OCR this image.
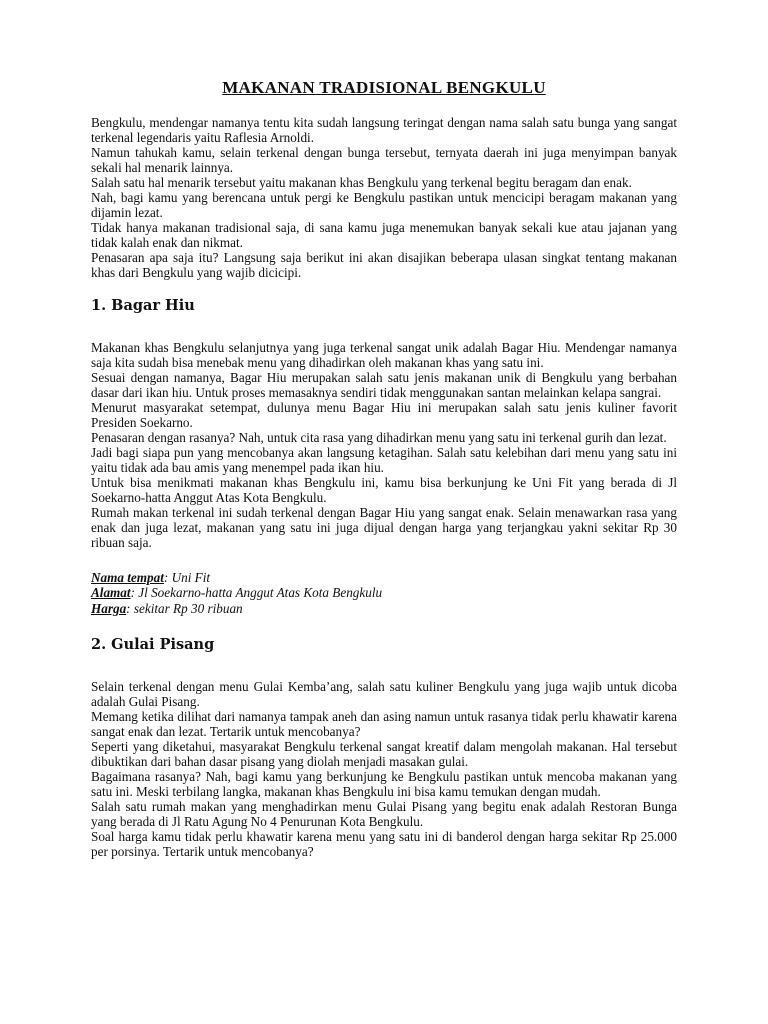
MAKANAN TRADISIONAL BENGKULU

Bengkulu, mendengar namanya tentu kita sudah langsung teringat dengan nama salah satu bunga yang sangat terkenal legendaris yaitu Raflesia Arnoldi.

Namun tahukah kamu, selain terkenal dengan bunga tersebut, ternyata daerah ini juga menyimpan banyak sekali hal menarik lainnya.

Salah satu hal menarik tersebut yaitu makanan khas Bengkulu yang terkenal begitu beragam dan enak.

Nah, bagi kamu yang berencana untuk pergi ke Bengkulu pastikan untuk mencicipi beragam makanan yang dijamin lezat.

Tidak hanya makanan tradisional saja, di sana kamu juga menemukan banyak sekali kue atau jajanan yang tidak kalah enak dan nikmat.

Penasaran apa saja itu? Langsung saja berikut ini akan disajikan beberapa ulasan singkat tentang makanan khas dari Bengkulu yang wajib dicicipi.

1. Bagar Hiu

Makanan khas Bengkulu selanjutnya yang juga terkenal sangat unik adalah Bagar Hiu. Mendengar namanya saja kita sudah bisa menebak menu yang dihadirkan oleh makanan khas yang satu ini.

Sesuai dengan namanya, Bagar Hiu merupakan salah satu jenis makanan unik di Bengkulu yang berbahan dasar dari ikan hiu. Untuk proses memasaknya sendiri tidak menggunakan santan melainkan kelapa sangrai.

Menurut masyarakat setempat, dulunya menu Bagar Hiu ini merupakan salah satu jenis kuliner favorit Presiden Soekarno.

Penasaran dengan rasanya? Nah, untuk cita rasa yang dihadirkan menu yang satu ini terkenal gurih dan lezat.

Jadi bagi siapa pun yang mencobanya akan langsung ketagihan. Salah satu kelebihan dari menu yang satu ini yaitu tidak ada bau amis yang menempel pada ikan hiu.

Untuk bisa menikmati makanan khas Bengkulu ini, kamu bisa berkunjung ke Uni Fit yang berada di Jl Soekarno-hatta Anggut Atas Kota Bengkulu.

Rumah makan terkenal ini sudah terkenal dengan Bagar Hiu yang sangat enak. Selain menawarkan rasa yang enak dan juga lezat, makanan yang satu ini juga dijual dengan harga yang terjangkau yakni sekitar Rp 30 ribuan saja.

Nama tempat: Uni Fit
Alamat: Jl Soekarno-hatta Anggut Atas Kota Bengkulu
Harga: sekitar Rp 30 ribuan
2. Gulai Pisang

Selain terkenal dengan menu Gulai Kemba’ang, salah satu kuliner Bengkulu yang juga wajib untuk dicoba adalah Gulai Pisang.

Memang ketika dilihat dari namanya tampak aneh dan asing namun untuk rasanya tidak perlu khawatir karena sangat enak dan lezat. Tertarik untuk mencobanya?

Seperti yang diketahui, masyarakat Bengkulu terkenal sangat kreatif dalam mengolah makanan. Hal tersebut dibuktikan dari bahan dasar pisang yang diolah menjadi masakan gulai.

Bagaimana rasanya? Nah, bagi kamu yang berkunjung ke Bengkulu pastikan untuk mencoba makanan yang satu ini. Meski terbilang langka, makanan khas Bengkulu ini bisa kamu temukan dengan mudah.

Salah satu rumah makan yang menghadirkan menu Gulai Pisang yang begitu enak adalah Restoran Bunga yang berada di Jl Ratu Agung No 4 Penurunan Kota Bengkulu.

Soal harga kamu tidak perlu khawatir karena menu yang satu ini di banderol dengan harga sekitar Rp 25.000 per porsinya. Tertarik untuk mencobanya?
